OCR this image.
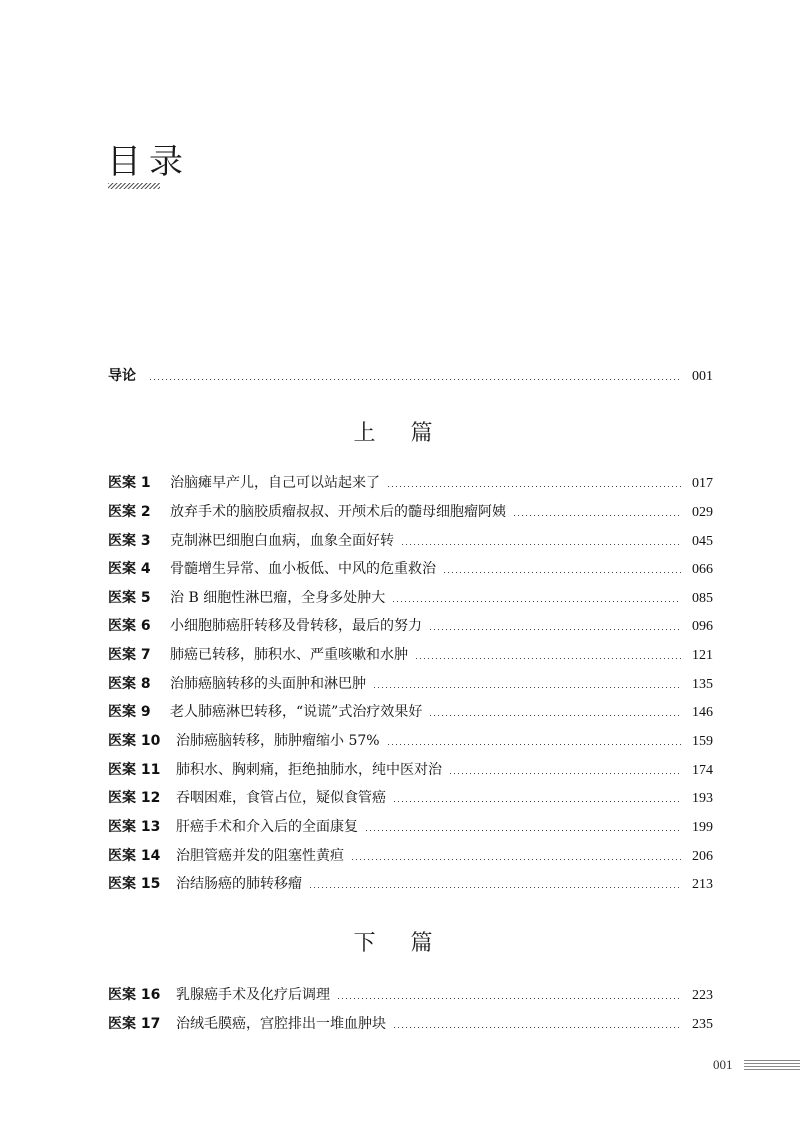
目录
导论	001
上 篇
医案 1	治脑瘫早产儿，自己可以站起来了	017
医案 2	放弃手术的脑胶质瘤叔叔、开颅术后的髓母细胞瘤阿姨	029
医案 3	克制淋巴细胞白血病，血象全面好转	045
医案 4	骨髓增生异常、血小板低、中风的危重救治	066
医案 5	治 B 细胞性淋巴瘤，全身多处肿大	085
医案 6	小细胞肺癌肝转移及骨转移，最后的努力	096
医案 7	肺癌已转移，肺积水、严重咳嗽和水肿	121
医案 8	治肺癌脑转移的头面肿和淋巴肿	135
医案 9	老人肺癌淋巴转移，“说谎”式治疗效果好	146
医案 10	治肺癌脑转移，肺肿瘤缩小 57%	159
医案 11	肺积水、胸刺痛，拒绝抽肺水，纯中医对治	174
医案 12	吞咽困难，食管占位，疑似食管癌	193
医案 13	肝癌手术和介入后的全面康复	199
医案 14	治胆管癌并发的阻塞性黄疸	206
医案 15	治结肠癌的肺转移瘤	213
下 篇
医案 16	乳腺癌手术及化疗后调理	223
医案 17	治绒毛膜癌，宫腔排出一堆血肿块	235
001
